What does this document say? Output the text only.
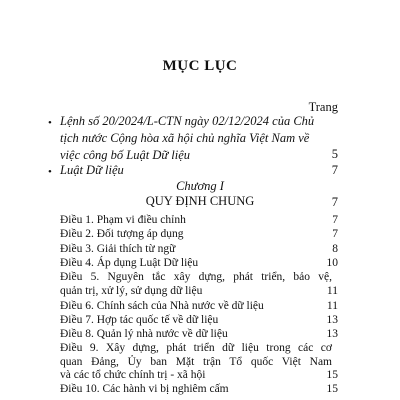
MỤC LỤC
Trang
• Lệnh số 20/2024/L-CTN ngày 02/12/2024 của Chủ tịch nước Cộng hòa xã hội chủ nghĩa Việt Nam về việc công bố Luật Dữ liệu	5
• Luật Dữ liệu	7
Chương I
QUY ĐỊNH CHUNG	7
Điều 1. Phạm vi điều chỉnh	7
Điều 2. Đối tượng áp dụng	7
Điều 3. Giải thích từ ngữ	8
Điều 4. Áp dụng Luật Dữ liệu	10
Điều 5. Nguyên tắc xây dựng, phát triển, bảo vệ,
quản trị, xử lý, sử dụng dữ liệu	11
Điều 6. Chính sách của Nhà nước về dữ liệu	11
Điều 7. Hợp tác quốc tế về dữ liệu	13
Điều 8. Quản lý nhà nước về dữ liệu	13
Điều 9. Xây dựng, phát triển dữ liệu trong các cơ
quan Đảng, Ủy ban Mặt trận Tổ quốc Việt Nam
và các tổ chức chính trị - xã hội	15
Điều 10. Các hành vi bị nghiêm cấm	15
